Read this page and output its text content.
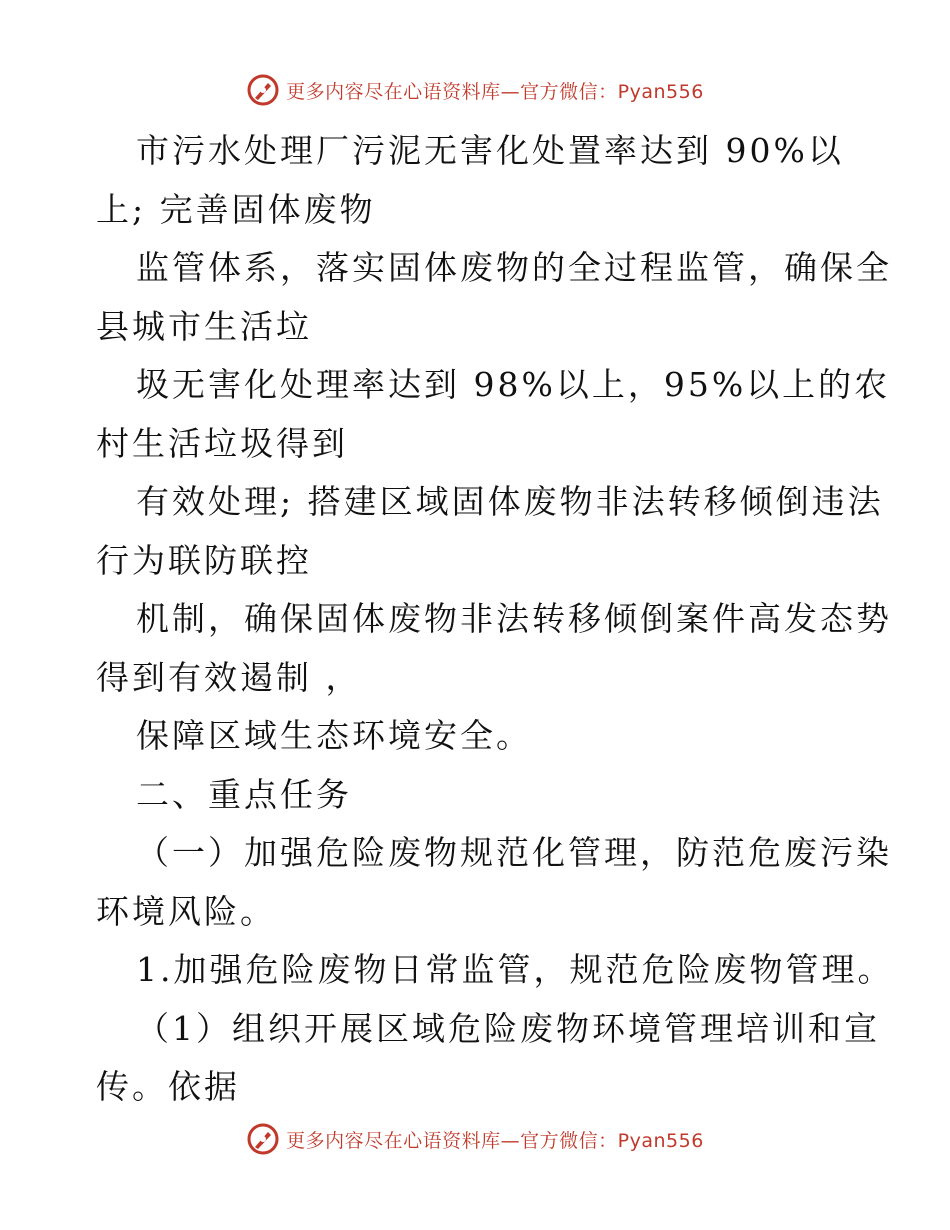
更多内容尽在心语资料库—官方微信：Pyan556

市污水处理厂污泥无害化处置率达到 90%以

上; 完善固体废物

监管体系，落实固体废物的全过程监管，确保全

县城市生活垃

圾无害化处理率达到 98%以上，95%以上的农

村生活垃圾得到

有效处理; 搭建区域固体废物非法转移倾倒违法

行为联防联控

机制，确保固体废物非法转移倾倒案件高发态势

得到有效遏制 ，

保障区域生态环境安全。

二、重点任务

（一）加强危险废物规范化管理，防范危废污染

环境风险。

1.加强危险废物日常监管，规范危险废物管理。

（1）组织开展区域危险废物环境管理培训和宣

传。依据

更多内容尽在心语资料库—官方微信：Pyan556
